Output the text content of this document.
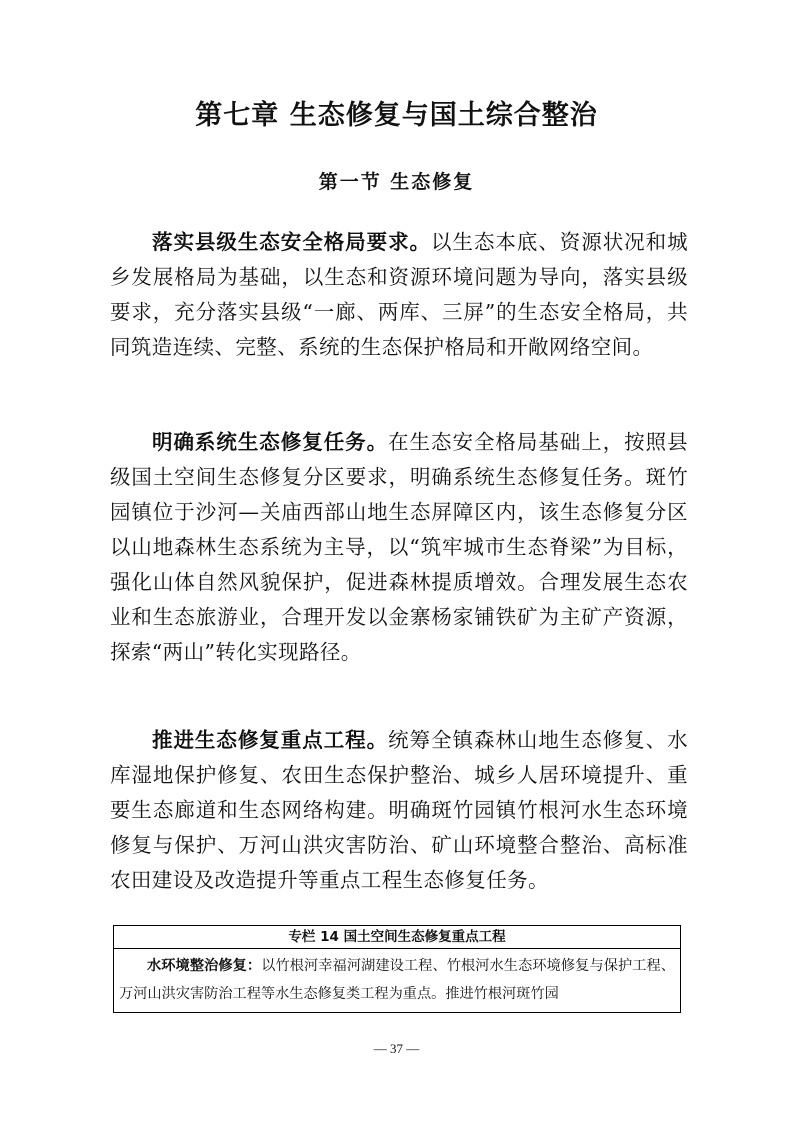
第七章 生态修复与国土综合整治
第一节 生态修复

落实县级生态安全格局要求。以生态本底、资源状况和城乡发展格局为基础，以生态和资源环境问题为导向，落实县级要求，充分落实县级“一廊、两库、三屏”的生态安全格局，共同筑造连续、完整、系统的生态保护格局和开敞网络空间。

明确系统生态修复任务。在生态安全格局基础上，按照县级国土空间生态修复分区要求，明确系统生态修复任务。斑竹园镇位于沙河—关庙西部山地生态屏障区内，该生态修复分区以山地森林生态系统为主导，以“筑牢城市生态脊梁”为目标，强化山体自然风貌保护，促进森林提质增效。合理发展生态农业和生态旅游业，合理开发以金寨杨家铺铁矿为主矿产资源，探索“两山”转化实现路径。

推进生态修复重点工程。统筹全镇森林山地生态修复、水库湿地保护修复、农田生态保护整治、城乡人居环境提升、重要生态廊道和生态网络构建。明确斑竹园镇竹根河水生态环境修复与保护、万河山洪灾害防治、矿山环境整合整治、高标准农田建设及改造提升等重点工程生态修复任务。

专栏 14 国土空间生态修复重点工程

水环境整治修复：以竹根河幸福河湖建设工程、竹根河水生态环境修复与保护工程、万河山洪灾害防治工程等水生态修复类工程为重点。推进竹根河斑竹园

— 37 —
